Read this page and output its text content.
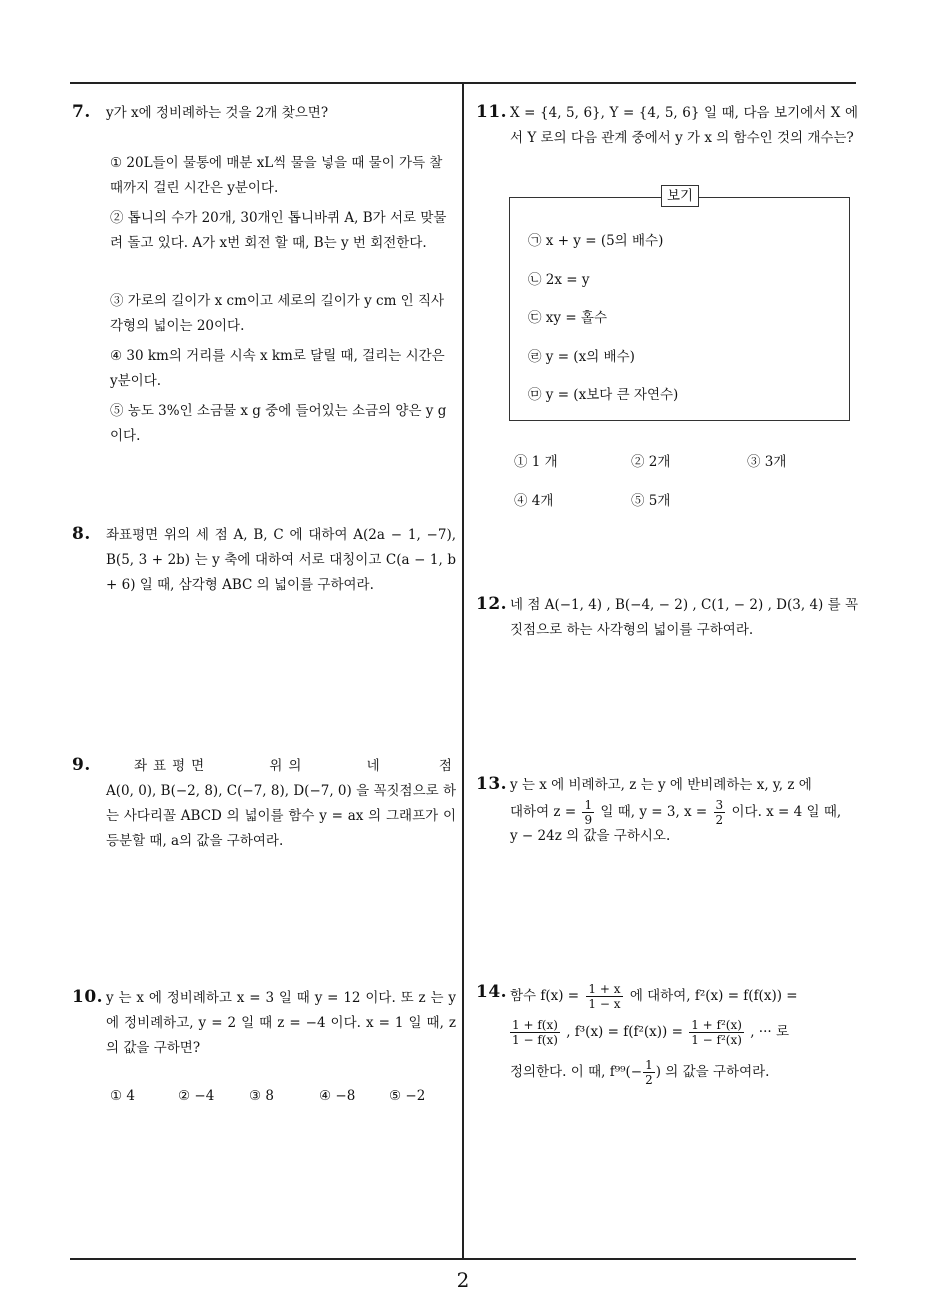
7. y가 x에 정비례하는 것을 2개 찾으면?
① 20L들이 물통에 매분 xL씩 물을 넣을 때 물이 가득 찰 때까지 걸린 시간은 y분이다.
② 톱니의 수가 20개, 30개인 톱니바퀴 A, B가 서로 맞물려 돌고 있다. A가 x번 회전 할 때, B는 y 번 회전한다.
③ 가로의 길이가 x cm이고 세로의 길이가 y cm 인 직사각형의 넓이는 20이다.
④ 30 km의 거리를 시속 x km로 달릴 때, 걸리는 시간은 y분이다.
⑤ 농도 3%인 소금물 x g 중에 들어있는 소금의 양은 y g 이다.
8. 좌표평면 위의 세 점 A, B, C 에 대하여 A(2a − 1, −7), B(5, 3 + 2b) 는 y 축에 대하여 서로 대칭이고 C(a − 1, b + 6) 일 때, 삼각형 ABC 의 넓이를 구하여라.
9.	좌표평면	위의	네	점
A(0, 0), B(−2, 8), C(−7, 8), D(−7, 0) 을 꼭짓점으로 하는 사다리꼴 ABCD 의 넓이를 함수 y = ax 의 그래프가 이등분할 때, a의 값을 구하여라.
10. y 는 x 에 정비례하고 x = 3 일 때 y = 12 이다. 또 z 는 y 에 정비례하고, y = 2 일 때 z = −4 이다. x = 1 일 때, z 의 값을 구하면?
① 4	② −4	③ 8	④ −8 ⑤ −2
11. X = {4, 5, 6}, Y = {4, 5, 6} 일 때, 다음 보기에서 X 에서 Y 로의 다음 관계 중에서 y 가 x 의 함수인 것의 개수는?
보기
㉠ x + y = (5의 배수)
㉡ 2x = y
㉢ xy = 홀수
㉣ y = (x의 배수)
㉤ y = (x보다 큰 자연수)
① 1 개	② 2개	③ 3개
④ 4개	⑤ 5개
12. 네 점 A(−1, 4) , B(−4, − 2) , C(1, − 2) , D(3, 4) 를 꼭짓점으로 하는 사각형의 넓이를 구하여라.
13. y 는 x 에 비례하고, z 는 y 에 반비례하는 x, y, z 에
대하여 $z = \frac{1}{9}$ 일 때, y = 3, $x = \frac{3}{2}$ 이다. x = 4 일 때,
y − 24z 의 값을 구하시오.
14. 함수 $f(x) = \frac{1 + x}{1 - x}$ 에 대하여, f²(x) = f(f(x)) =
$\frac{1 + f(x)}{1 - f(x)}$ , $f^3(x) = f(f^2(x)) = \frac{\text{1 + f²(x)}}{\text{1 − f²(x)}}$ , ··· 로
정의한다. 이 때, $f^{99}(- \frac{1}{2}$ ) 의 값을 구하여라.
2
